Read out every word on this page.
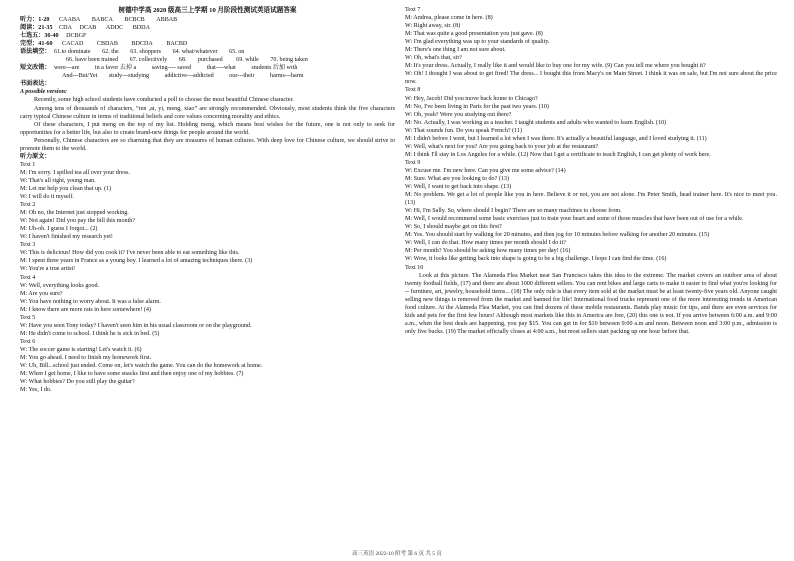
树德中学高 2020 级高三上学期 10 月阶段性测试英语试题答案

听力：1-20 CAABA BABCA BCBCB ABBAB

阅读：21-35 CDA DCAB ADDC BDDA

七选五：36-40 DCBGF

完型：41-60 CACAD CBDAB BDCDA BACBD

语法填空： 61.to dominate 62. the 63. shoppers 64. what/whatever 65. on

66. have been trained 67. collectively 68. purchased 69. while 70. being taken

短文改错： were---are	in a favor 去掉 a	saving---- saved	that----what	students 后加 with

And---But/Yet study---studying	addictive---addicted	our---their	harms---harm

书面表达：

A possible version:

Recently, some high school students have conducted a poll to choose the most beautiful Chinese character.

Among tens of thousands of characters, “ren ,ai, yi, meng, xiao” are strongly recommended. Obviously, most students think the five characters carry typical Chinese culture in terms of traditional beliefs and core values concerning morality and ethics.

Of these characters, I put meng on the top of my list. Holding meng, which means best wishes for the future, one is not only to seek for opportunities for a better life, but also to create brand-new things for people around the world.

Personally, Chinese characters are so charming that they are treasures of human cultures. With deep love for Chinese culture, we should strive to promote them to the world.

听力原文：

Text 1

M: I'm sorry. I spilled tea all over your dress.

W: That's all right, young man.

M: Let me help you clean that up. (1)

W: I will do it myself.

Text 2

M: Oh no, the Internet just stopped working.

W: Not again! Did you pay the bill this month?

M: Uh-oh. I guess I forgot... (2)

W: I haven't finished my research yet!

Text 3

W: This is delicious! How did you cook it? I've never been able to eat something like this.

M: I spent three years in France as a young boy. I learned a lot of amazing techniques there. (3)

W: You're a true artist!

Text 4

W: Well, everything looks good.

M: Are you sure?

W: You have nothing to worry about. It was a false alarm.

M: I know there are more rats in here somewhere! (4)

Text 5

W: Have you seen Tony today? I haven't seen him in his usual classroom or on the playground.

M: He didn't come to school. I think he is sick in bed. (5)

Text 6

W: The soccer game is starting! Let's watch it. (6)

M: You go ahead. I need to finish my homework first.

W: Uh, Bill...school just ended. Come on, let's watch the game. You can do the homework at home.

M: When I get home, I like to have some snacks first and then enjoy one of my hobbies. (7)

W: What hobbies? Do you still play the guitar?

M: Yes, I do.

Text 7

M: Andrea, please come in here. (8)

W: Right away, sir. (8)

M: That was quite a good presentation you just gave. (8)

W: I'm glad everything was up to your standards of quality.

M: There's one thing I am not sure about.

W: Oh, what's that, sir?

M: It's your dress. Actually, I really like it and would like to buy one for my wife. (9) Can you tell me where you bought it?

W: Oh! I thought I was about to get fired! The dress... I bought this from Macy's on Main Street. I think it was on sale, but I'm not sure about the price now.

Text 8

W: Hey, Jacob! Did you move back home to Chicago?

M: No, I've been living in Paris for the past two years. (10)

W: Oh, yeah? Were you studying out there?

M: No. Actually, I was working as a teacher. I taught students and adults who wanted to learn English. (10)

W: That sounds fun. Do you speak French? (11)

M: I didn't before I went, but I learned a lot when I was there. It's actually a beautiful language, and I loved studying it. (11)

W: Well, what's next for you? Are you going back to your job at the restaurant?

M: I think I'll stay in Los Angeles for a while. (12) Now that I get a certificate to teach English, I can get plenty of work here.

Text 9

W: Excuse me. I'm new here. Can you give me some advice? (14)

M: Sure. What are you looking to do? (13)

W: Well, I want to get back into shape. (13)

M: No problem. We get a lot of people like you in here. Believe it or not, you are not alone. I'm Peter Smith, head trainer here. It's nice to meet you. (13)

W: Hi, I'm Sally. So, where should I begin? There are so many machines to choose from.

M: Well, I would recommend some basic exercises just to train your heart and some of those muscles that have been out of use for a while.

W: So, I should maybe get on this first?

M: Yes. You should start by walking for 20 minutes, and then jog for 10 minutes before walking for another 20 minutes. (15)

W: Well, I can do that. How many times per month should I do it?

M: Per month? You should be asking how many times per day! (16)

W: Wow, it looks like getting back into shape is going to be a big challenge. I hope I can find the time. (16)

Text 10

Look at this picture. The Alameda Flea Market near San Francisco takes this idea to the extreme. The market covers an outdoor area of about twenty football fields, (17) and there are about 1000 different sellers. You can rent bikes and large carts to make it easier to find what you're looking for -- furniture, art, jewelry, household items... (18) The only rule is that every item sold at the market must be at least twenty-five years old. Anyone caught selling new things is removed from the market and banned for life! International food trucks represent one of the more interesting trends in American food culture. At the Alameda Flea Market, you can find dozens of these mobile restaurants. Bands play music for tips, and there are even services for kids and pets for the first few hours! Although most markets like this in America are free, (20) this one is not. If you arrive between 6:00 a.m. and 9:00 a.m., when the best deals are happening, you pay $15. You can get in for $10 between 9:00 a.m and noon. Between noon and 3:00 p.m., admission is only five bucks. (19) The market officially closes at 4:00 a.m., but most sellers start packing up one hour before that.

高三英语 2022-10 阶考 第 6 页 共 5 页
